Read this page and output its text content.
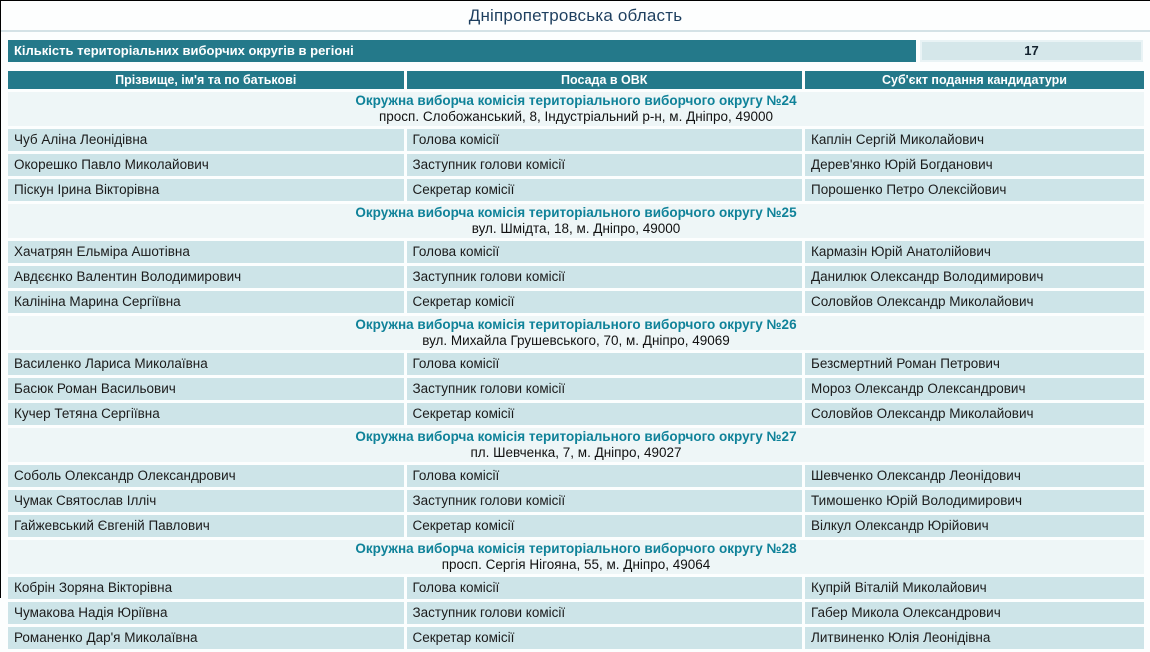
Дніпропетровська область
Кількість територіальних виборчих округів в регіоні	17
Прізвище, ім'я та по батькові	Посада в ОВК	Суб'єкт подання кандидатури

Окружна виборча комісія територіального виборчого округу №24
просп. Слобожанський, 8, Індустріальний р-н, м. Дніпро, 49000		

Чуб Аліна Леонідівна	Голова комісії	Каплін Сергій Миколайович
Окорешко Павло Миколайович	Заступник голови комісії	Дерев'янко Юрій Богданович
Піскун Ірина Вікторівна	Секретар комісії	Порошенко Петро Олексійович

Окружна виборча комісія територіального виборчого округу №25
вул. Шмідта, 18, м. Дніпро, 49000		

Хачатрян Ельміра Ашотівна	Голова комісії	Кармазін Юрій Анатолійович
Авдєєнко Валентин Володимирович	Заступник голови комісії	Данилюк Олександр Володимирович
Калініна Марина Сергіївна	Секретар комісії	Соловйов Олександр Миколайович

Окружна виборча комісія територіального виборчого округу №26
вул. Михайла Грушевського, 70, м. Дніпро, 49069		

Василенко Лариса Миколаївна	Голова комісії	Безсмертний Роман Петрович
Басюк Роман Васильович	Заступник голови комісії	Мороз Олександр Олександрович
Кучер Тетяна Сергіївна	Секретар комісії	Соловйов Олександр Миколайович

Окружна виборча комісія територіального виборчого округу №27
пл. Шевченка, 7, м. Дніпро, 49027		

Соболь Олександр Олександрович	Голова комісії	Шевченко Олександр Леонідович
Чумак Святослав Ілліч	Заступник голови комісії	Тимошенко Юрій Володимирович
Гайжевський Євгеній Павлович	Секретар комісії	Вілкул Олександр Юрійович

Окружна виборча комісія територіального виборчого округу №28
просп. Сергія Нігояна, 55, м. Дніпро, 49064		

Кобрін Зоряна Вікторівна	Голова комісії	Купрій Віталій Миколайович
Чумакова Надія Юріївна	Заступник голови комісії	Габер Микола Олександрович
Романенко Дар'я Миколаївна	Секретар комісії	Литвиненко Юлія Леонідівна
